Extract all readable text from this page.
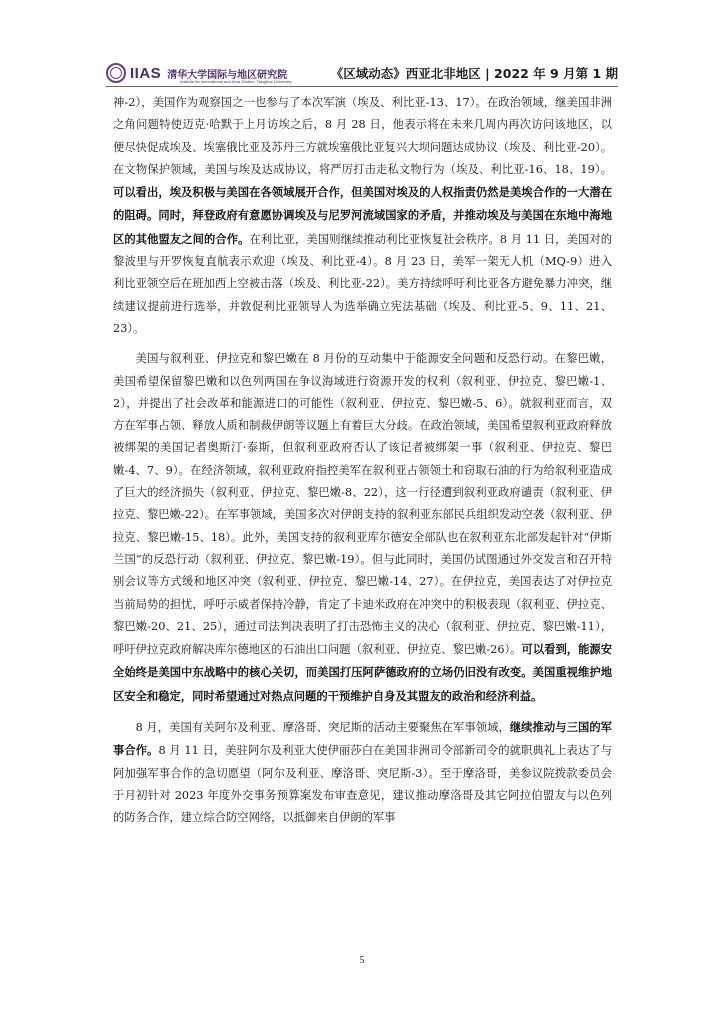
IIAS 清华大学国际与地区研究院
Institute for International and Area Studies, Tsinghua University
《区域动态》西亚北非地区 | 2022 年 9 月第 1 期

神-2），美国作为观察国之一也参与了本次军演（埃及、利比亚-13、17）。在政治领域，继美国非洲之角问题特使迈克·哈默于上月访埃之后，8 月 28 日，他表示将在未来几周内再次访问该地区，以便尽快促成埃及、埃塞俄比亚及苏丹三方就埃塞俄比亚复兴大坝问题达成协议（埃及、利比亚-20）。在文物保护领域，美国与埃及达成协议，将严厉打击走私文物行为（埃及、利比亚-16、18、19）。可以看出，埃及积极与美国在各领域展开合作，但美国对埃及的人权指责仍然是美埃合作的一大潜在的阻碍。同时，拜登政府有意愿协调埃及与尼罗河流域国家的矛盾，并推动埃及与美国在东地中海地区的其他盟友之间的合作。在利比亚，美国则继续推动利比亚恢复社会秩序。8 月 11 日，美国对的黎波里与开罗恢复直航表示欢迎（埃及、利比亚-4）。8 月 23 日，美军一架无人机（MQ-9）进入利比亚领空后在班加西上空被击落（埃及、利比亚-22）。美方持续呼吁利比亚各方避免暴力冲突，继续建议提前进行选举，并敦促利比亚领导人为选举确立宪法基础（埃及、利比亚-5、9、11、21、23）。

美国与叙利亚、伊拉克和黎巴嫩在 8 月份的互动集中于能源安全问题和反恐行动。在黎巴嫩，美国希望保留黎巴嫩和以色列两国在争议海域进行资源开发的权利（叙利亚、伊拉克、黎巴嫩-1、2），并提出了社会改革和能源进口的可能性（叙利亚、伊拉克、黎巴嫩-5、6）。就叙利亚而言，双方在军事占领、释放人质和制裁伊朗等议题上有着巨大分歧。在政治领域，美国希望叙利亚政府释放被绑架的美国记者奥斯汀·泰斯，但叙利亚政府否认了该记者被绑架一事（叙利亚、伊拉克、黎巴嫩-4、7、9）。在经济领域，叙利亚政府指控美军在叙利亚占领领土和窃取石油的行为给叙利亚造成了巨大的经济损失（叙利亚、伊拉克、黎巴嫩-8、22），这一行径遭到叙利亚政府谴责（叙利亚、伊拉克、黎巴嫩-22）。在军事领域，美国多次对伊朗支持的叙利亚东部民兵组织发动空袭（叙利亚、伊拉克、黎巴嫩-15、18）。此外，美国支持的叙利亚库尔德安全部队也在叙利亚东北部发起针对“伊斯兰国”的反恐行动（叙利亚、伊拉克、黎巴嫩-19）。但与此同时，美国仍试图通过外交发言和召开特别会议等方式缓和地区冲突（叙利亚、伊拉克、黎巴嫩-14、27）。在伊拉克，美国表达了对伊拉克当前局势的担忧，呼吁示威者保持冷静，肯定了卡迪米政府在冲突中的积极表现（叙利亚、伊拉克、黎巴嫩-20、21、25），通过司法判决表明了打击恐怖主义的决心（叙利亚、伊拉克、黎巴嫩-11），呼吁伊拉克政府解决库尔德地区的石油出口问题（叙利亚、伊拉克、黎巴嫩-26）。可以看到，能源安全始终是美国中东战略中的核心关切，而美国打压阿萨德政府的立场仍旧没有改变。美国重视维护地区安全和稳定，同时希望通过对热点问题的干预维护自身及其盟友的政治和经济利益。

8 月，美国有关阿尔及利亚、摩洛哥、突尼斯的活动主要聚焦在军事领域，继续推动与三国的军事合作。8 月 11 日，美驻阿尔及利亚大使伊丽莎白在美国非洲司令部新司令的就职典礼上表达了与阿加强军事合作的急切愿望（阿尔及利亚、摩洛哥、突尼斯-3）。至于摩洛哥，美参议院拨款委员会于月初针对 2023 年度外交事务预算案发布审查意见，建议推动摩洛哥及其它阿拉伯盟友与以色列的防务合作，建立综合防空网络，以抵御来自伊朗的军事

5
